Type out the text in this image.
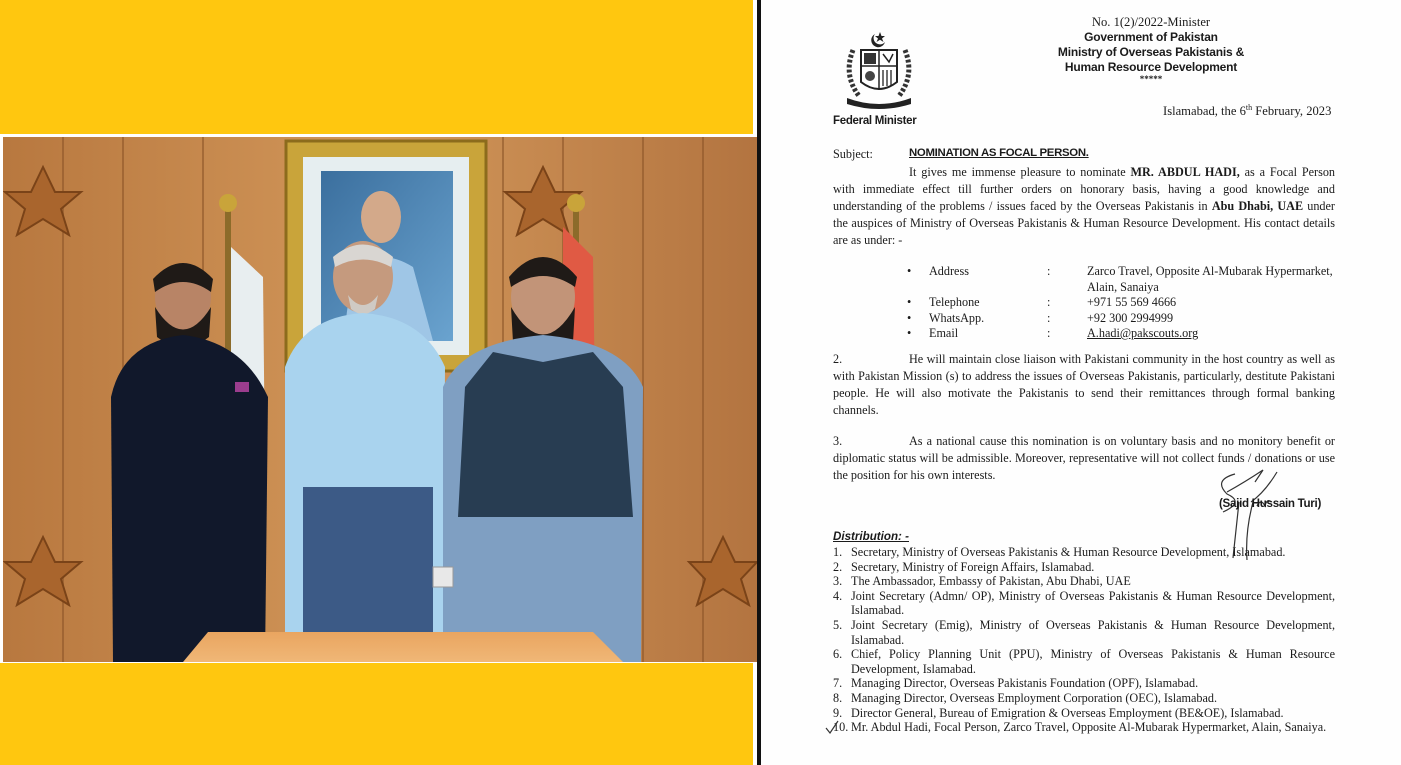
Federal Minister
No. 1(2)/2022-Minister
Government of Pakistan
Ministry of Overseas Pakistanis &
Human Resource Development
*****
Islamabad, the 6th February, 2023
Subject:	NOMINATION AS FOCAL PERSON.
It gives me immense pleasure to nominate MR. ABDUL HADI, as a Focal Person with immediate effect till further orders on honorary basis, having a good knowledge and understanding of the problems / issues faced by the Overseas Pakistanis in Abu Dhabi, UAE under the auspices of Ministry of Overseas Pakistanis & Human Resource Development. His contact details are as under: -
•	Address	:	Zarco Travel, Opposite Al-Mubarak Hypermarket,
Alain, Sanaiya
•	Telephone	:	+971 55 569 4666
•	WhatsApp.	:	+92 300 2994999
•	Email	:	A.hadi@pakscouts.org
2.	He will maintain close liaison with Pakistani community in the host country as well as with Pakistan Mission (s) to address the issues of Overseas Pakistanis, particularly, destitute Pakistani people. He will also motivate the Pakistanis to send their remittances through formal banking channels.
3.	As a national cause this nomination is on voluntary basis and no monitory benefit or diplomatic status will be admissible. Moreover, representative will not collect funds / donations or use the position for his own interests.
(Sajid Hussain Turi)
Distribution: -
1. Secretary, Ministry of Overseas Pakistanis & Human Resource Development, Islamabad.
2. Secretary, Ministry of Foreign Affairs, Islamabad.
3. The Ambassador, Embassy of Pakistan, Abu Dhabi, UAE
4. Joint Secretary (Admn/ OP), Ministry of Overseas Pakistanis & Human Resource Development, Islamabad.
5. Joint Secretary (Emig), Ministry of Overseas Pakistanis & Human Resource Development, Islamabad.
6. Chief, Policy Planning Unit (PPU), Ministry of Overseas Pakistanis & Human Resource Development, Islamabad.
7. Managing Director, Overseas Pakistanis Foundation (OPF), Islamabad.
8. Managing Director, Overseas Employment Corporation (OEC), Islamabad.
9. Director General, Bureau of Emigration & Overseas Employment (BE&OE), Islamabad.
10. Mr. Abdul Hadi, Focal Person, Zarco Travel, Opposite Al-Mubarak Hypermarket, Alain, Sanaiya.
